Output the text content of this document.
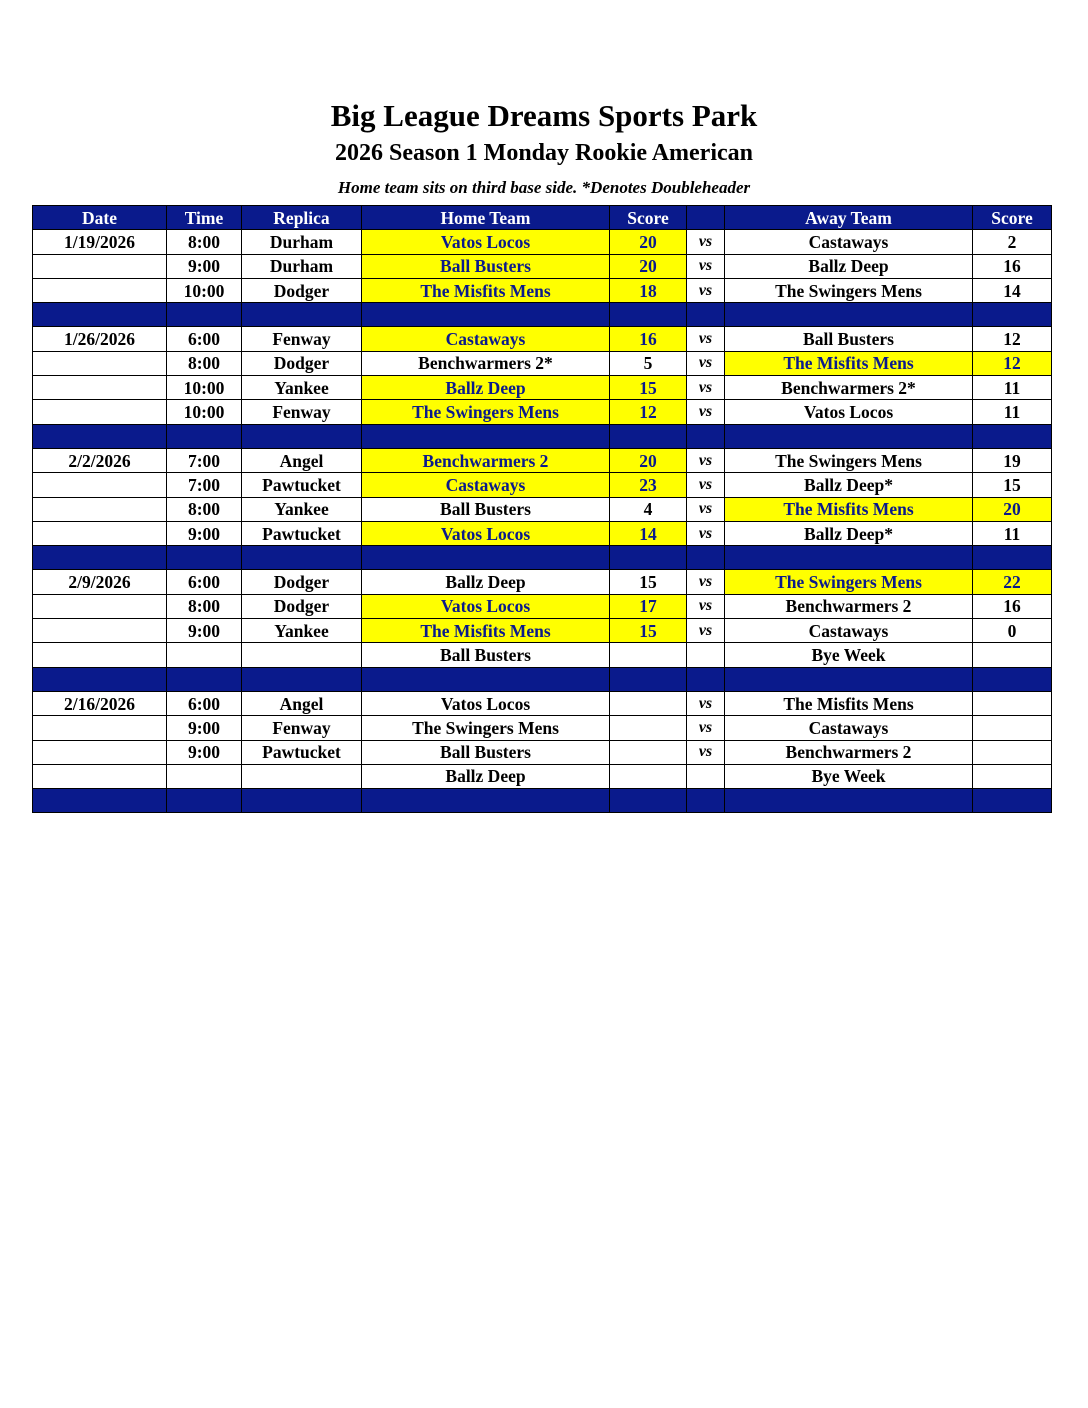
Big League Dreams Sports Park
2026 Season 1 Monday Rookie American
Home team sits on third base side. *Denotes Doubleheader
Date	Time	Replica	Home Team	Score		Away Team	Score
1/19/2026	8:00	Durham	Vatos Locos	20	vs	Castaways	2
	9:00	Durham	Ball Busters	20	vs	Ballz Deep	16
	10:00	Dodger	The Misfits Mens	18	vs	The Swingers Mens	14

1/26/2026	6:00	Fenway	Castaways	16	vs	Ball Busters	12
	8:00	Dodger	Benchwarmers 2*	5	vs	The Misfits Mens	12
	10:00	Yankee	Ballz Deep	15	vs	Benchwarmers 2*	11
	10:00	Fenway	The Swingers Mens	12	vs	Vatos Locos	11

2/2/2026	7:00	Angel	Benchwarmers 2	20	vs	The Swingers Mens	19
	7:00	Pawtucket	Castaways	23	vs	Ballz Deep*	15
	8:00	Yankee	Ball Busters	4	vs	The Misfits Mens	20
	9:00	Pawtucket	Vatos Locos	14	vs	Ballz Deep*	11

2/9/2026	6:00	Dodger	Ballz Deep	15	vs	The Swingers Mens	22
	8:00	Dodger	Vatos Locos	17	vs	Benchwarmers 2	16
	9:00	Yankee	The Misfits Mens	15	vs	Castaways	0
			Ball Busters			Bye Week	

2/16/2026	6:00	Angel	Vatos Locos		vs	The Misfits Mens	
	9:00	Fenway	The Swingers Mens		vs	Castaways	
	9:00	Pawtucket	Ball Busters		vs	Benchwarmers 2	
			Ballz Deep			Bye Week	
